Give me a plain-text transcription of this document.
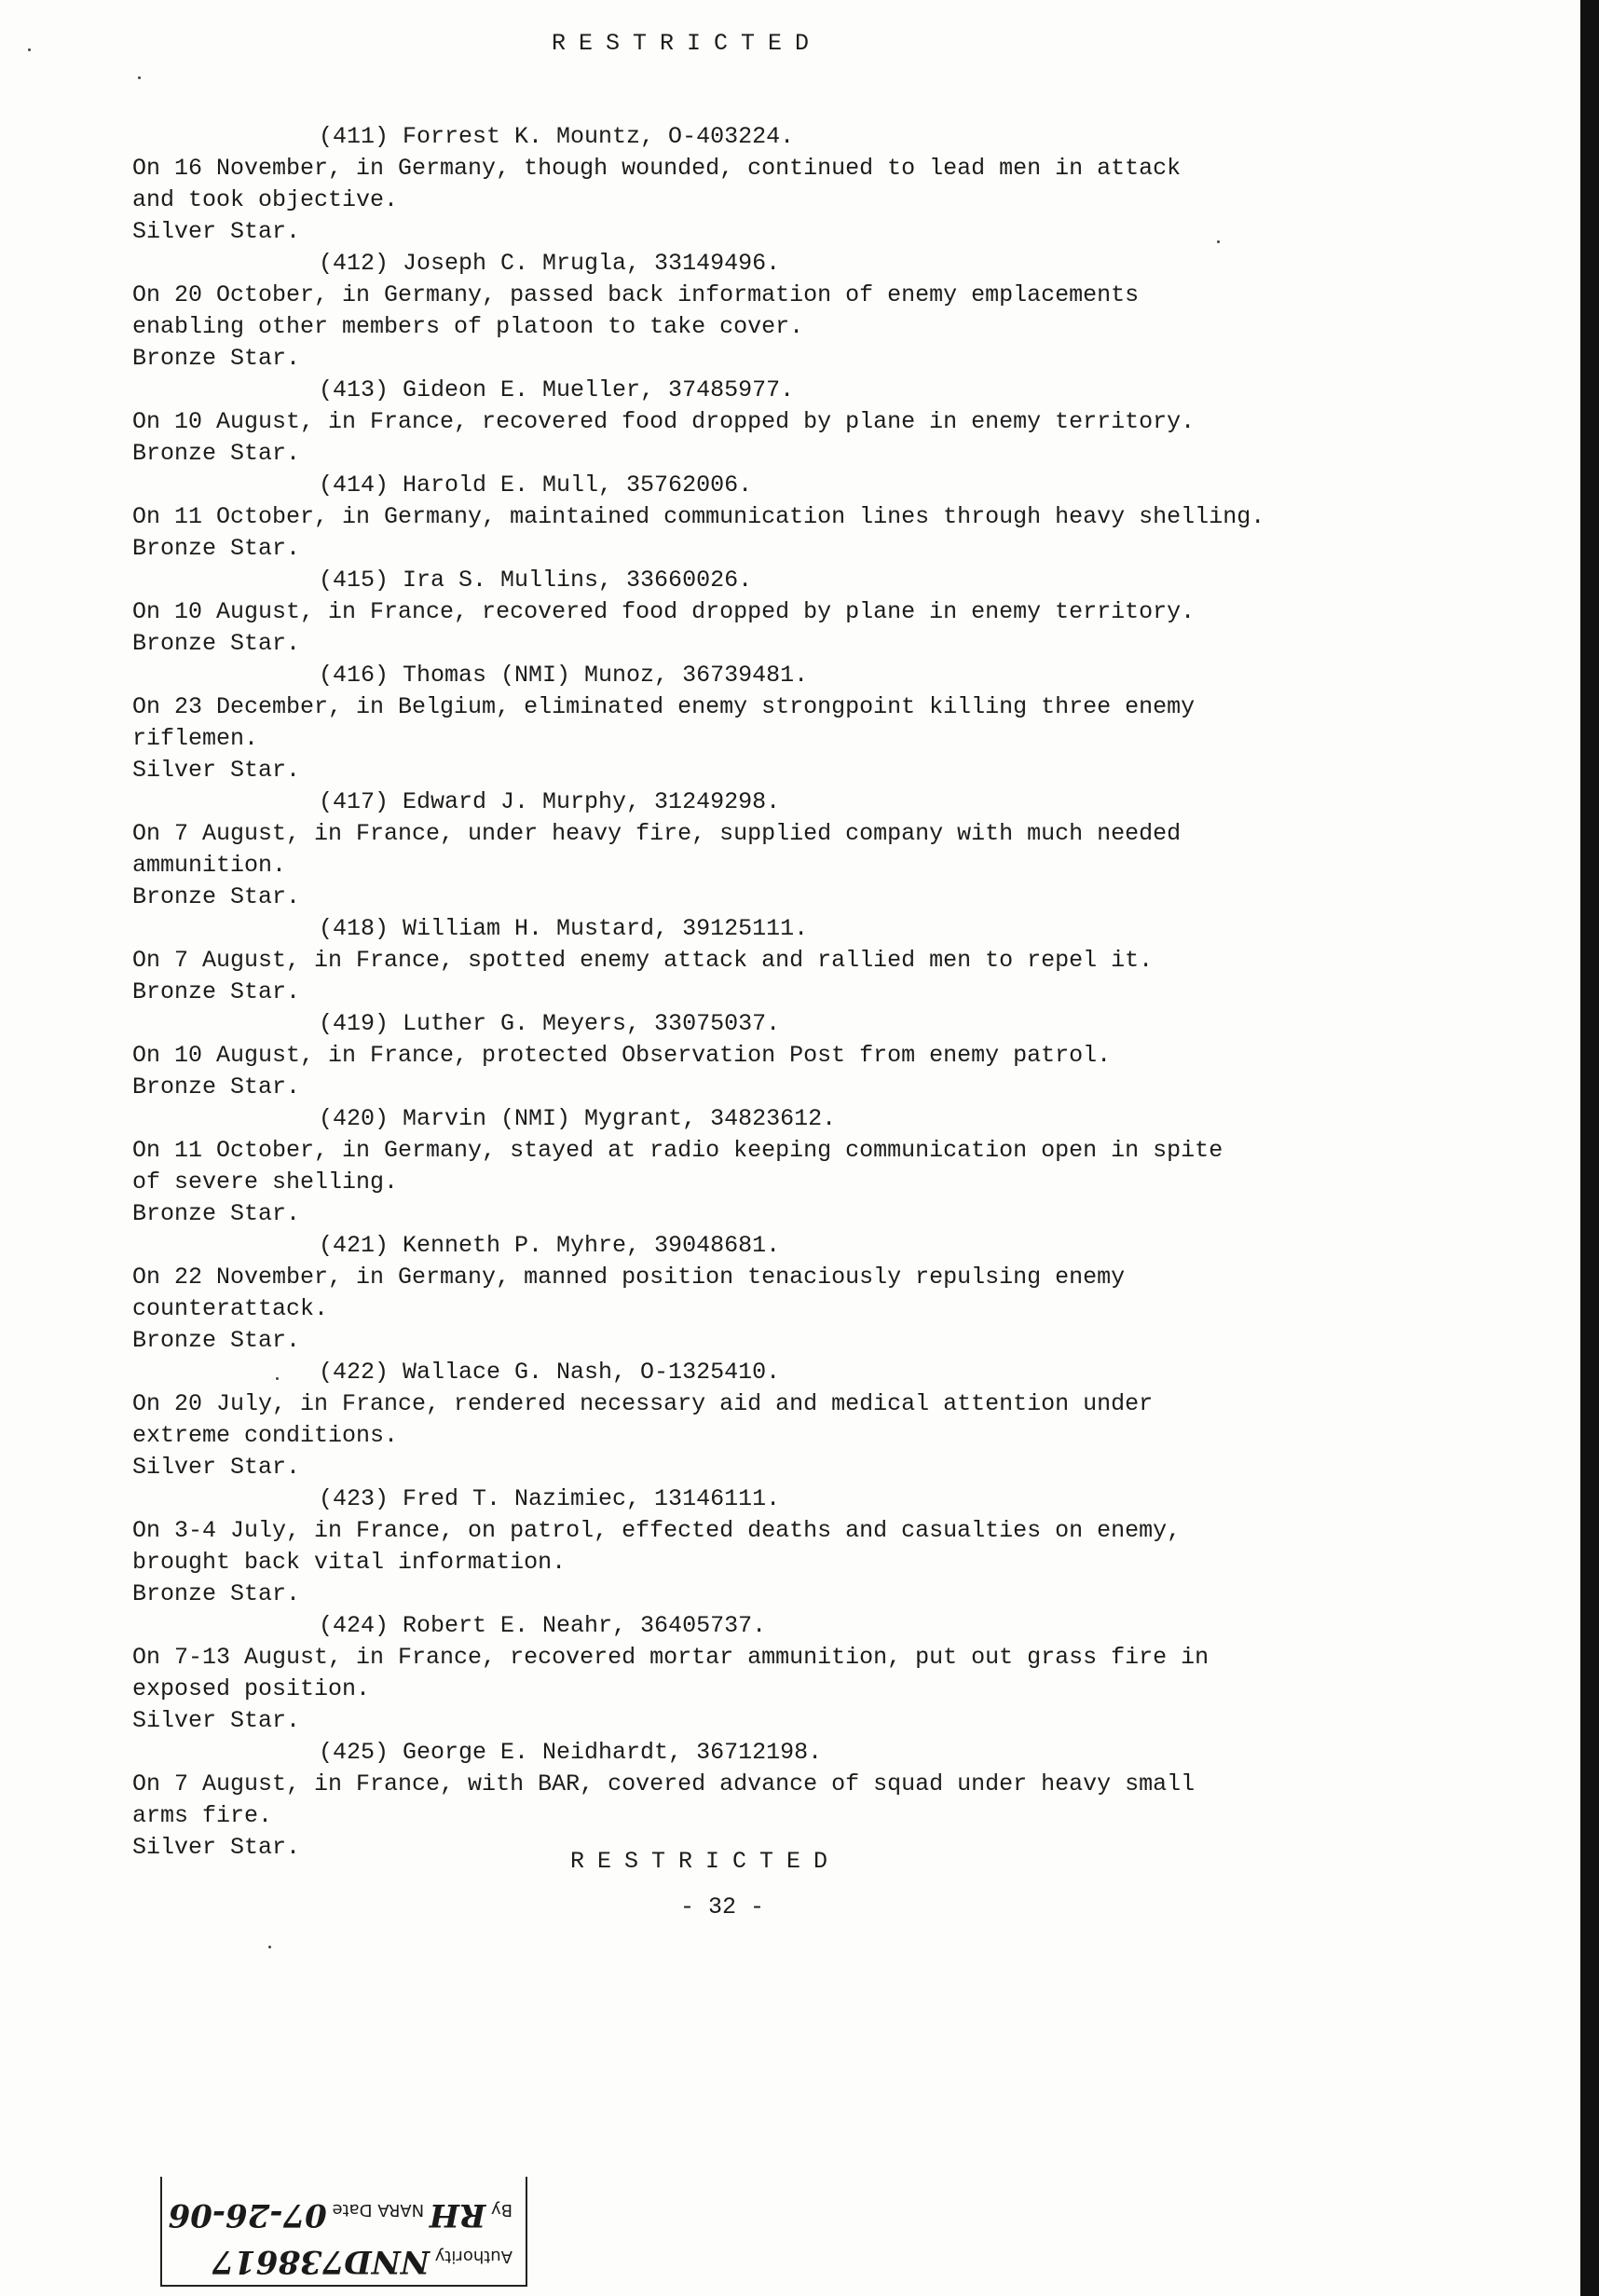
RESTRICTED
(411) Forrest K. Mountz, O-403224.
On 16 November, in Germany, though wounded, continued to lead men in attack
and took objective.
Silver Star.
(412) Joseph C. Mrugla, 33149496.
On 20 October, in Germany, passed back information of enemy emplacements
enabling other members of platoon to take cover.
Bronze Star.
(413) Gideon E. Mueller, 37485977.
On 10 August, in France, recovered food dropped by plane in enemy territory.
Bronze Star.
(414) Harold E. Mull, 35762006.
On 11 October, in Germany, maintained communication lines through heavy shelling.
Bronze Star.
(415) Ira S. Mullins, 33660026.
On 10 August, in France, recovered food dropped by plane in enemy territory.
Bronze Star.
(416) Thomas (NMI) Munoz, 36739481.
On 23 December, in Belgium, eliminated enemy strongpoint killing three enemy
riflemen.
Silver Star.
(417) Edward J. Murphy, 31249298.
On 7 August, in France, under heavy fire, supplied company with much needed
ammunition.
Bronze Star.
(418) William H. Mustard, 39125111.
On 7 August, in France, spotted enemy attack and rallied men to repel it.
Bronze Star.
(419) Luther G. Meyers, 33075037.
On 10 August, in France, protected Observation Post from enemy patrol.
Bronze Star.
(420) Marvin (NMI) Mygrant, 34823612.
On 11 October, in Germany, stayed at radio keeping communication open in spite
of severe shelling.
Bronze Star.
(421) Kenneth P. Myhre, 39048681.
On 22 November, in Germany, manned position tenaciously repulsing enemy
counterattack.
Bronze Star.
(422) Wallace G. Nash, O-1325410.
On 20 July, in France, rendered necessary aid and medical attention under
extreme conditions.
Silver Star.
(423) Fred T. Nazimiec, 13146111.
On 3-4 July, in France, on patrol, effected deaths and casualties on enemy,
brought back vital information.
Bronze Star.
(424) Robert E. Neahr, 36405737.
On 7-13 August, in France, recovered mortar ammunition, put out grass fire in
exposed position.
Silver Star.
(425) George E. Neidhardt, 36712198.
On 7 August, in France, with BAR, covered advance of squad under heavy small
arms fire.
Silver Star.
RESTRICTED
- 32 -
Authority NND738617
By RH NARA Date 07-26-06
